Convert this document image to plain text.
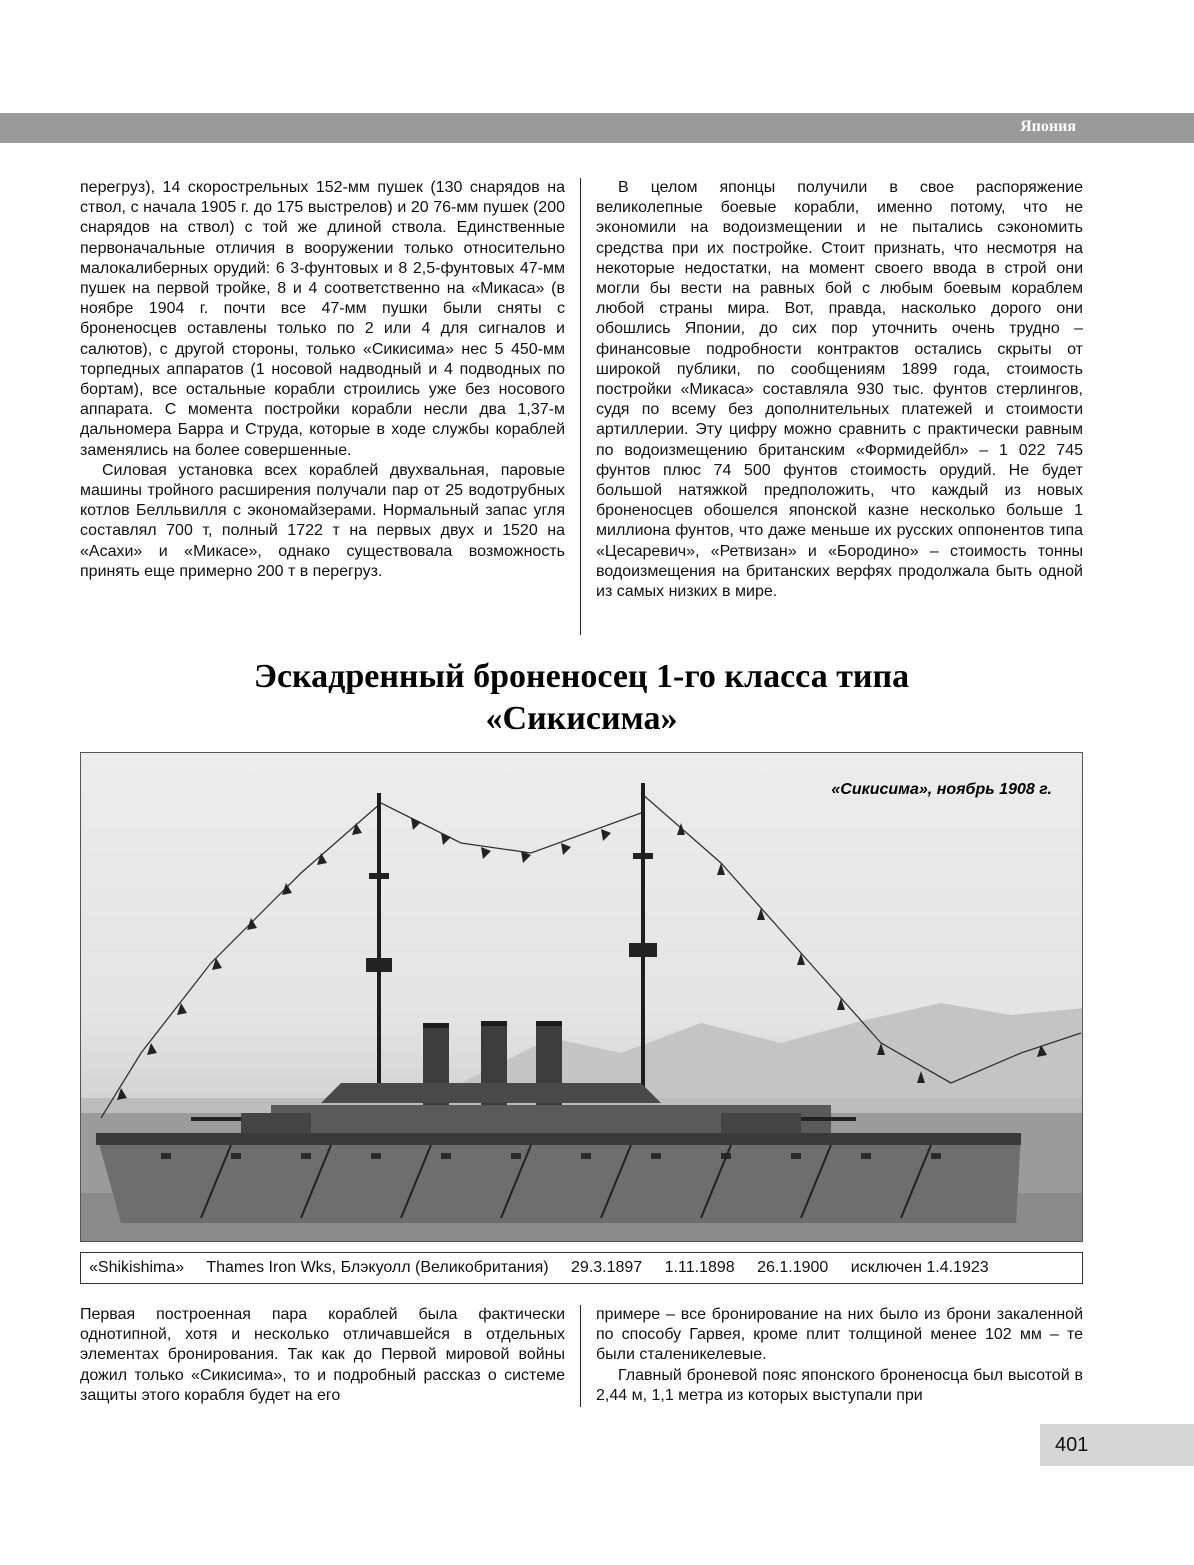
Япония

перегруз), 14 скорострельных 152-мм пушек (130 снарядов на ствол, с начала 1905 г. до 175 выстрелов) и 20 76-мм пушек (200 снарядов на ствол) с той же длиной ствола. Единственные первоначальные отличия в вооружении только относительно малокалиберных орудий: 6 3-фунтовых и 8 2,5-фунтовых 47-мм пушек на первой тройке, 8 и 4 соответственно на «Микаса» (в ноябре 1904 г. почти все 47-мм пушки были сняты с броненосцев оставлены только по 2 или 4 для сигналов и салютов), с другой стороны, только «Сикисима» нес 5 450-мм торпедных аппаратов (1 носовой надводный и 4 подводных по бортам), все остальные корабли строились уже без носового аппарата. С момента постройки корабли несли два 1,37-м дальномера Барра и Струда, которые в ходе службы кораблей заменялись на более совершенные.

Силовая установка всех кораблей двухвальная, паровые машины тройного расширения получали пар от 25 водотрубных котлов Белльвилля с экономайзерами. Нормальный запас угля составлял 700 т, полный 1722 т на первых двух и 1520 на «Асахи» и «Микасе», однако существовала возможность принять еще примерно 200 т в перегруз.

В целом японцы получили в свое распоряжение великолепные боевые корабли, именно потому, что не экономили на водоизмещении и не пытались сэкономить средства при их постройке. Стоит признать, что несмотря на некоторые недостатки, на момент своего ввода в строй они могли бы вести на равных бой с любым боевым кораблем любой страны мира. Вот, правда, насколько дорого они обошлись Японии, до сих пор уточнить очень трудно – финансовые подробности контрактов остались скрыты от широкой публики, по сообщениям 1899 года, стоимость постройки «Микаса» составляла 930 тыс. фунтов стерлингов, судя по всему без дополнительных платежей и стоимости артиллерии. Эту цифру можно сравнить с практически равным по водоизмещению британским «Формидейбл» – 1 022 745 фунтов плюс 74 500 фунтов стоимость орудий. Не будет большой натяжкой предположить, что каждый из новых броненосцев обошелся японской казне несколько больше 1 миллиона фунтов, что даже меньше их русских оппонентов типа «Цесаревич», «Ретвизан» и «Бородино» – стоимость тонны водоизмещения на британских верфях продолжала быть одной из самых низких в мире.

Эскадренный броненосец 1-го класса типа
«Сикисима»
«Сикисима», ноябрь 1908 г.
«Shikishima» Thames Iron Wks, Блэкуолл (Великобритания) 29.3.1897 1.11.1898 26.1.1900 исключен 1.4.1923

Первая построенная пара кораблей была фактически однотипной, хотя и несколько отличавшейся в отдельных элементах бронирования. Так как до Первой мировой войны дожил только «Сикисима», то и подробный рассказ о системе защиты этого корабля будет на его

примере – все бронирование на них было из брони закаленной по способу Гарвея, кроме плит толщиной менее 102 мм – те были сталеникелевые.

Главный броневой пояс японского броненосца был высотой в 2,44 м, 1,1 метра из которых выступали при

401
